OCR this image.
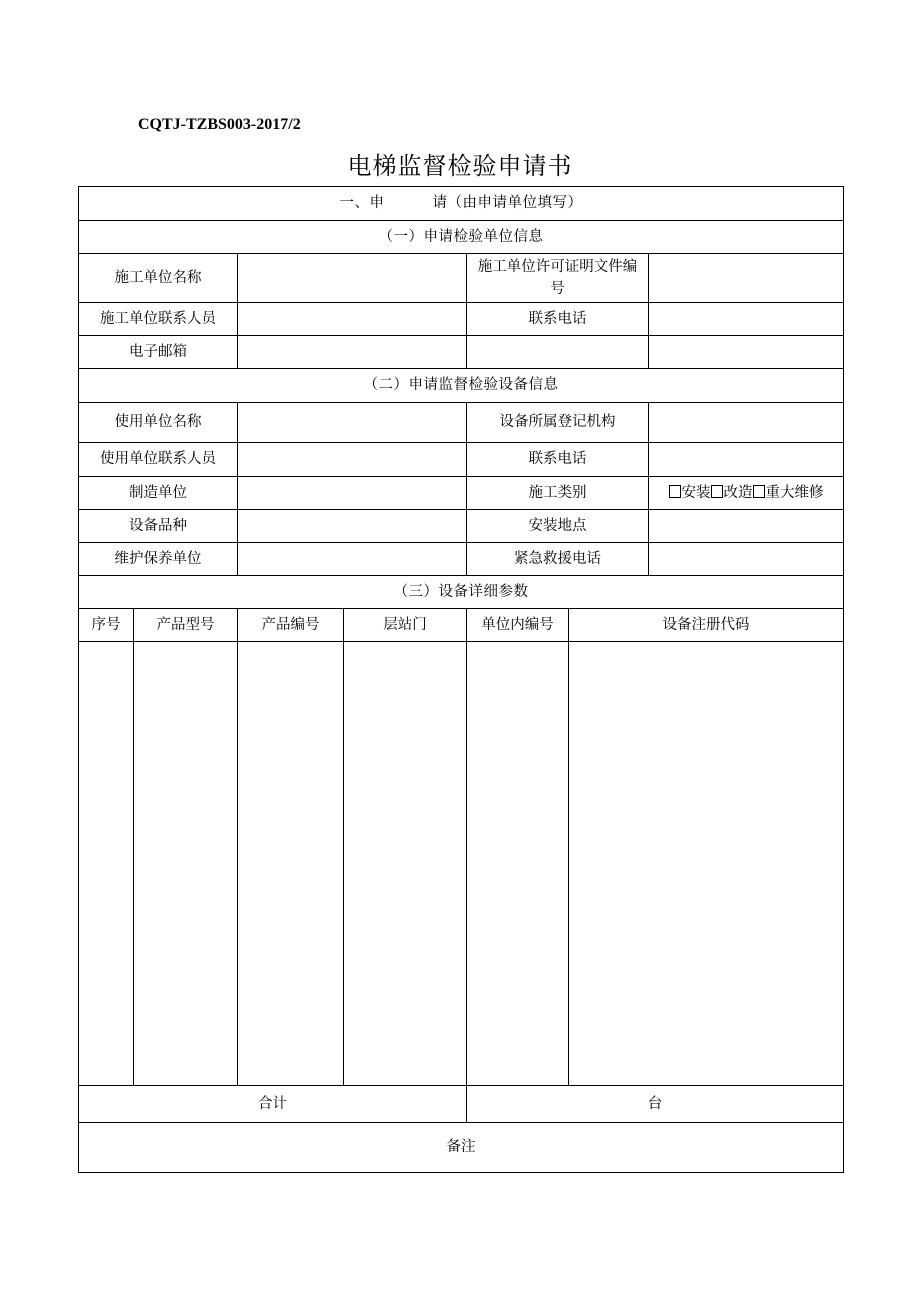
CQTJ-TZBS003-2017/2
电梯监督检验申请书
一、申 请（由申请单位填写）						
（一）申请检验单位信息						
施工单位名称				施工单位许可证明文件编号		
施工单位联系人员				联系电话		
电子邮箱						
（二）申请监督检验设备信息						
使用单位名称				设备所属登记机构		
使用单位联系人员				联系电话		
制造单位				施工类别		安装 改造 重大维修
设备品种				安装地点		
维护保养单位				紧急救援电话		
（三）设备详细参数						
序号	产品型号	产品编号	层站门	单位内编号	设备注册代码	

合计				台		
备注						
